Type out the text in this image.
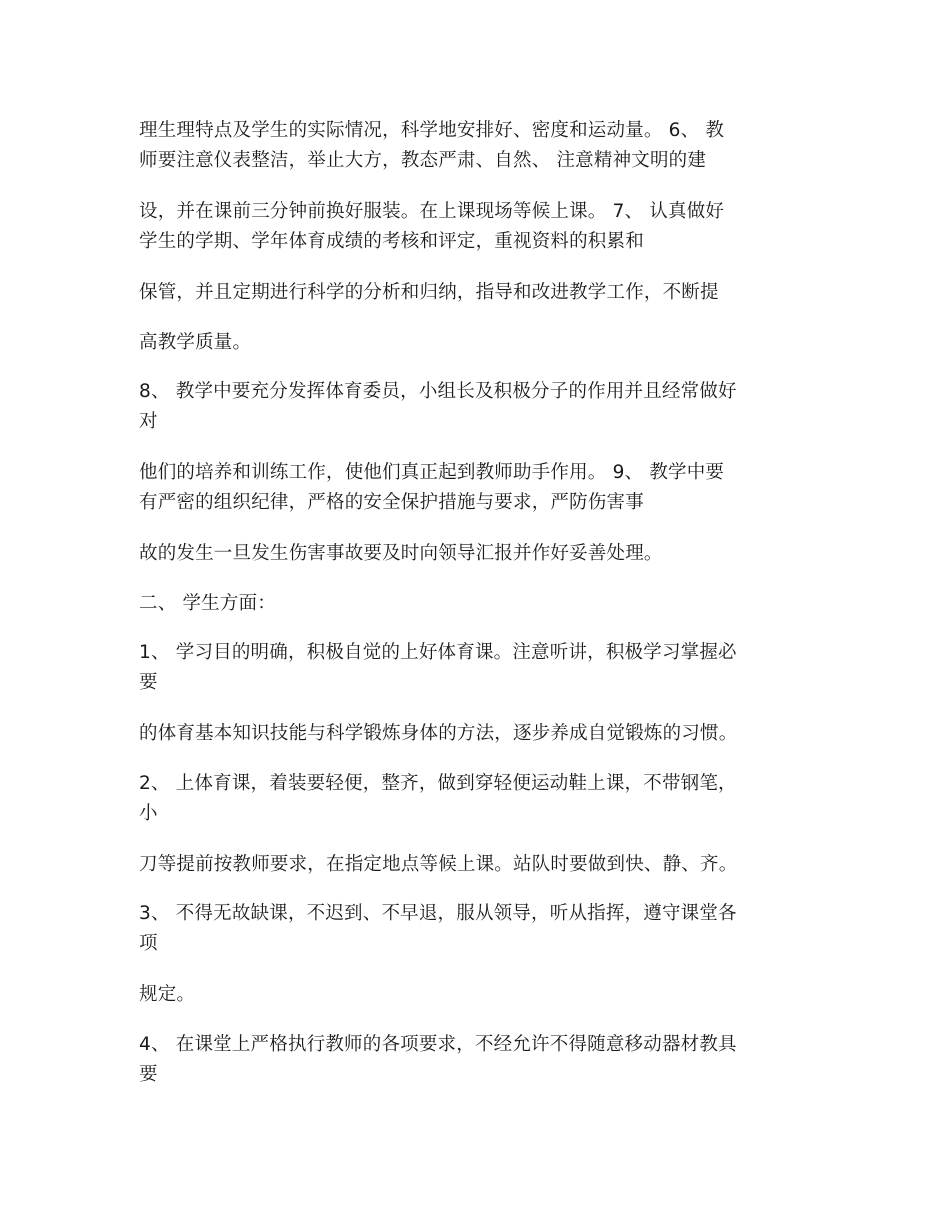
理生理特点及学生的实际情况，科学地安排好、密度和运动量。 6、 教
师要注意仪表整洁，举止大方，教态严肃、自然、 注意精神文明的建
设，并在课前三分钟前换好服装。在上课现场等候上课。 7、 认真做好
学生的学期、学年体育成绩的考核和评定，重视资料的积累和
保管，并且定期进行科学的分析和归纳，指导和改进教学工作，不断提
高教学质量。
8、 教学中要充分发挥体育委员，小组长及积极分子的作用并且经常做好
对
他们的培养和训练工作，使他们真正起到教师助手作用。 9、 教学中要
有严密的组织纪律，严格的安全保护措施与要求，严防伤害事
故的发生一旦发生伤害事故要及时向领导汇报并作好妥善处理。
二、 学生方面：
1、 学习目的明确，积极自觉的上好体育课。注意听讲，积极学习掌握必
要
的体育基本知识技能与科学锻炼身体的方法，逐步养成自觉锻炼的习惯。
2、 上体育课，着装要轻便，整齐，做到穿轻便运动鞋上课，不带钢笔，
小
刀等提前按教师要求，在指定地点等候上课。站队时要做到快、静、齐。
3、 不得无故缺课，不迟到、不早退，服从领导，听从指挥，遵守课堂各
项
规定。
4、 在课堂上严格执行教师的各项要求，不经允许不得随意移动器材教具
要
